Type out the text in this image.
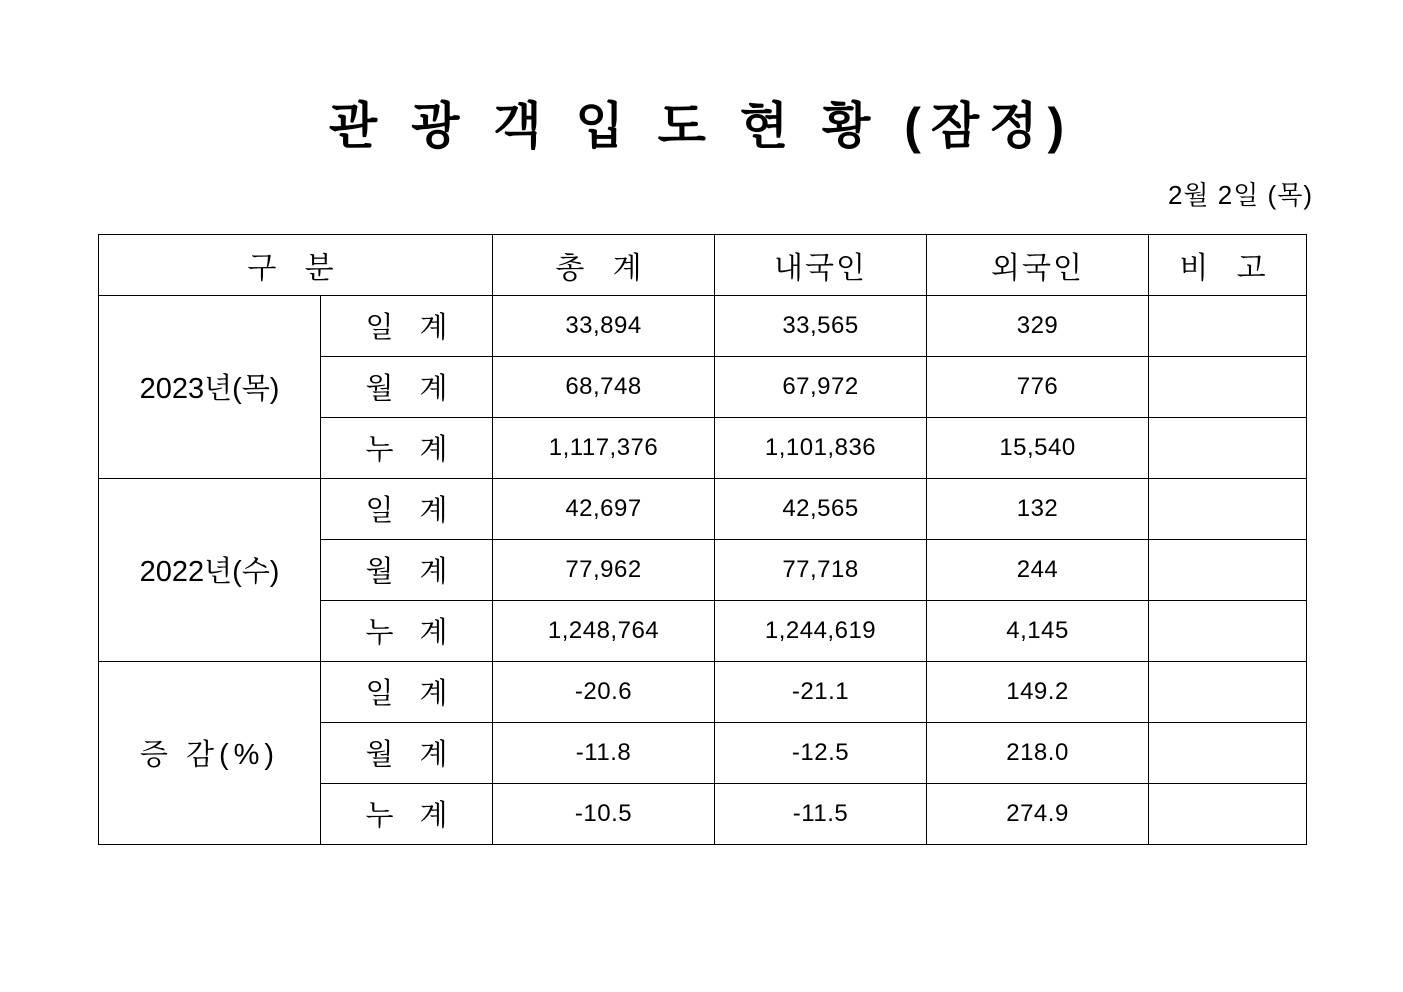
관 광 객 입 도 현 황 (잠정)
2월 2일 (목)
구 분		총 계	내국인	외국인	비 고
2023년(목)	일 계	33,894	33,565	329	
	월 계	68,748	67,972	776	
	누 계	1,117,376	1,101,836	15,540	
2022년(수)	일 계	42,697	42,565	132	
	월 계	77,962	77,718	244	
	누 계	1,248,764	1,244,619	4,145	
증 감(%)	일 계	-20.6	-21.1	149.2	
	월 계	-11.8	-12.5	218.0	
	누 계	-10.5	-11.5	274.9	
